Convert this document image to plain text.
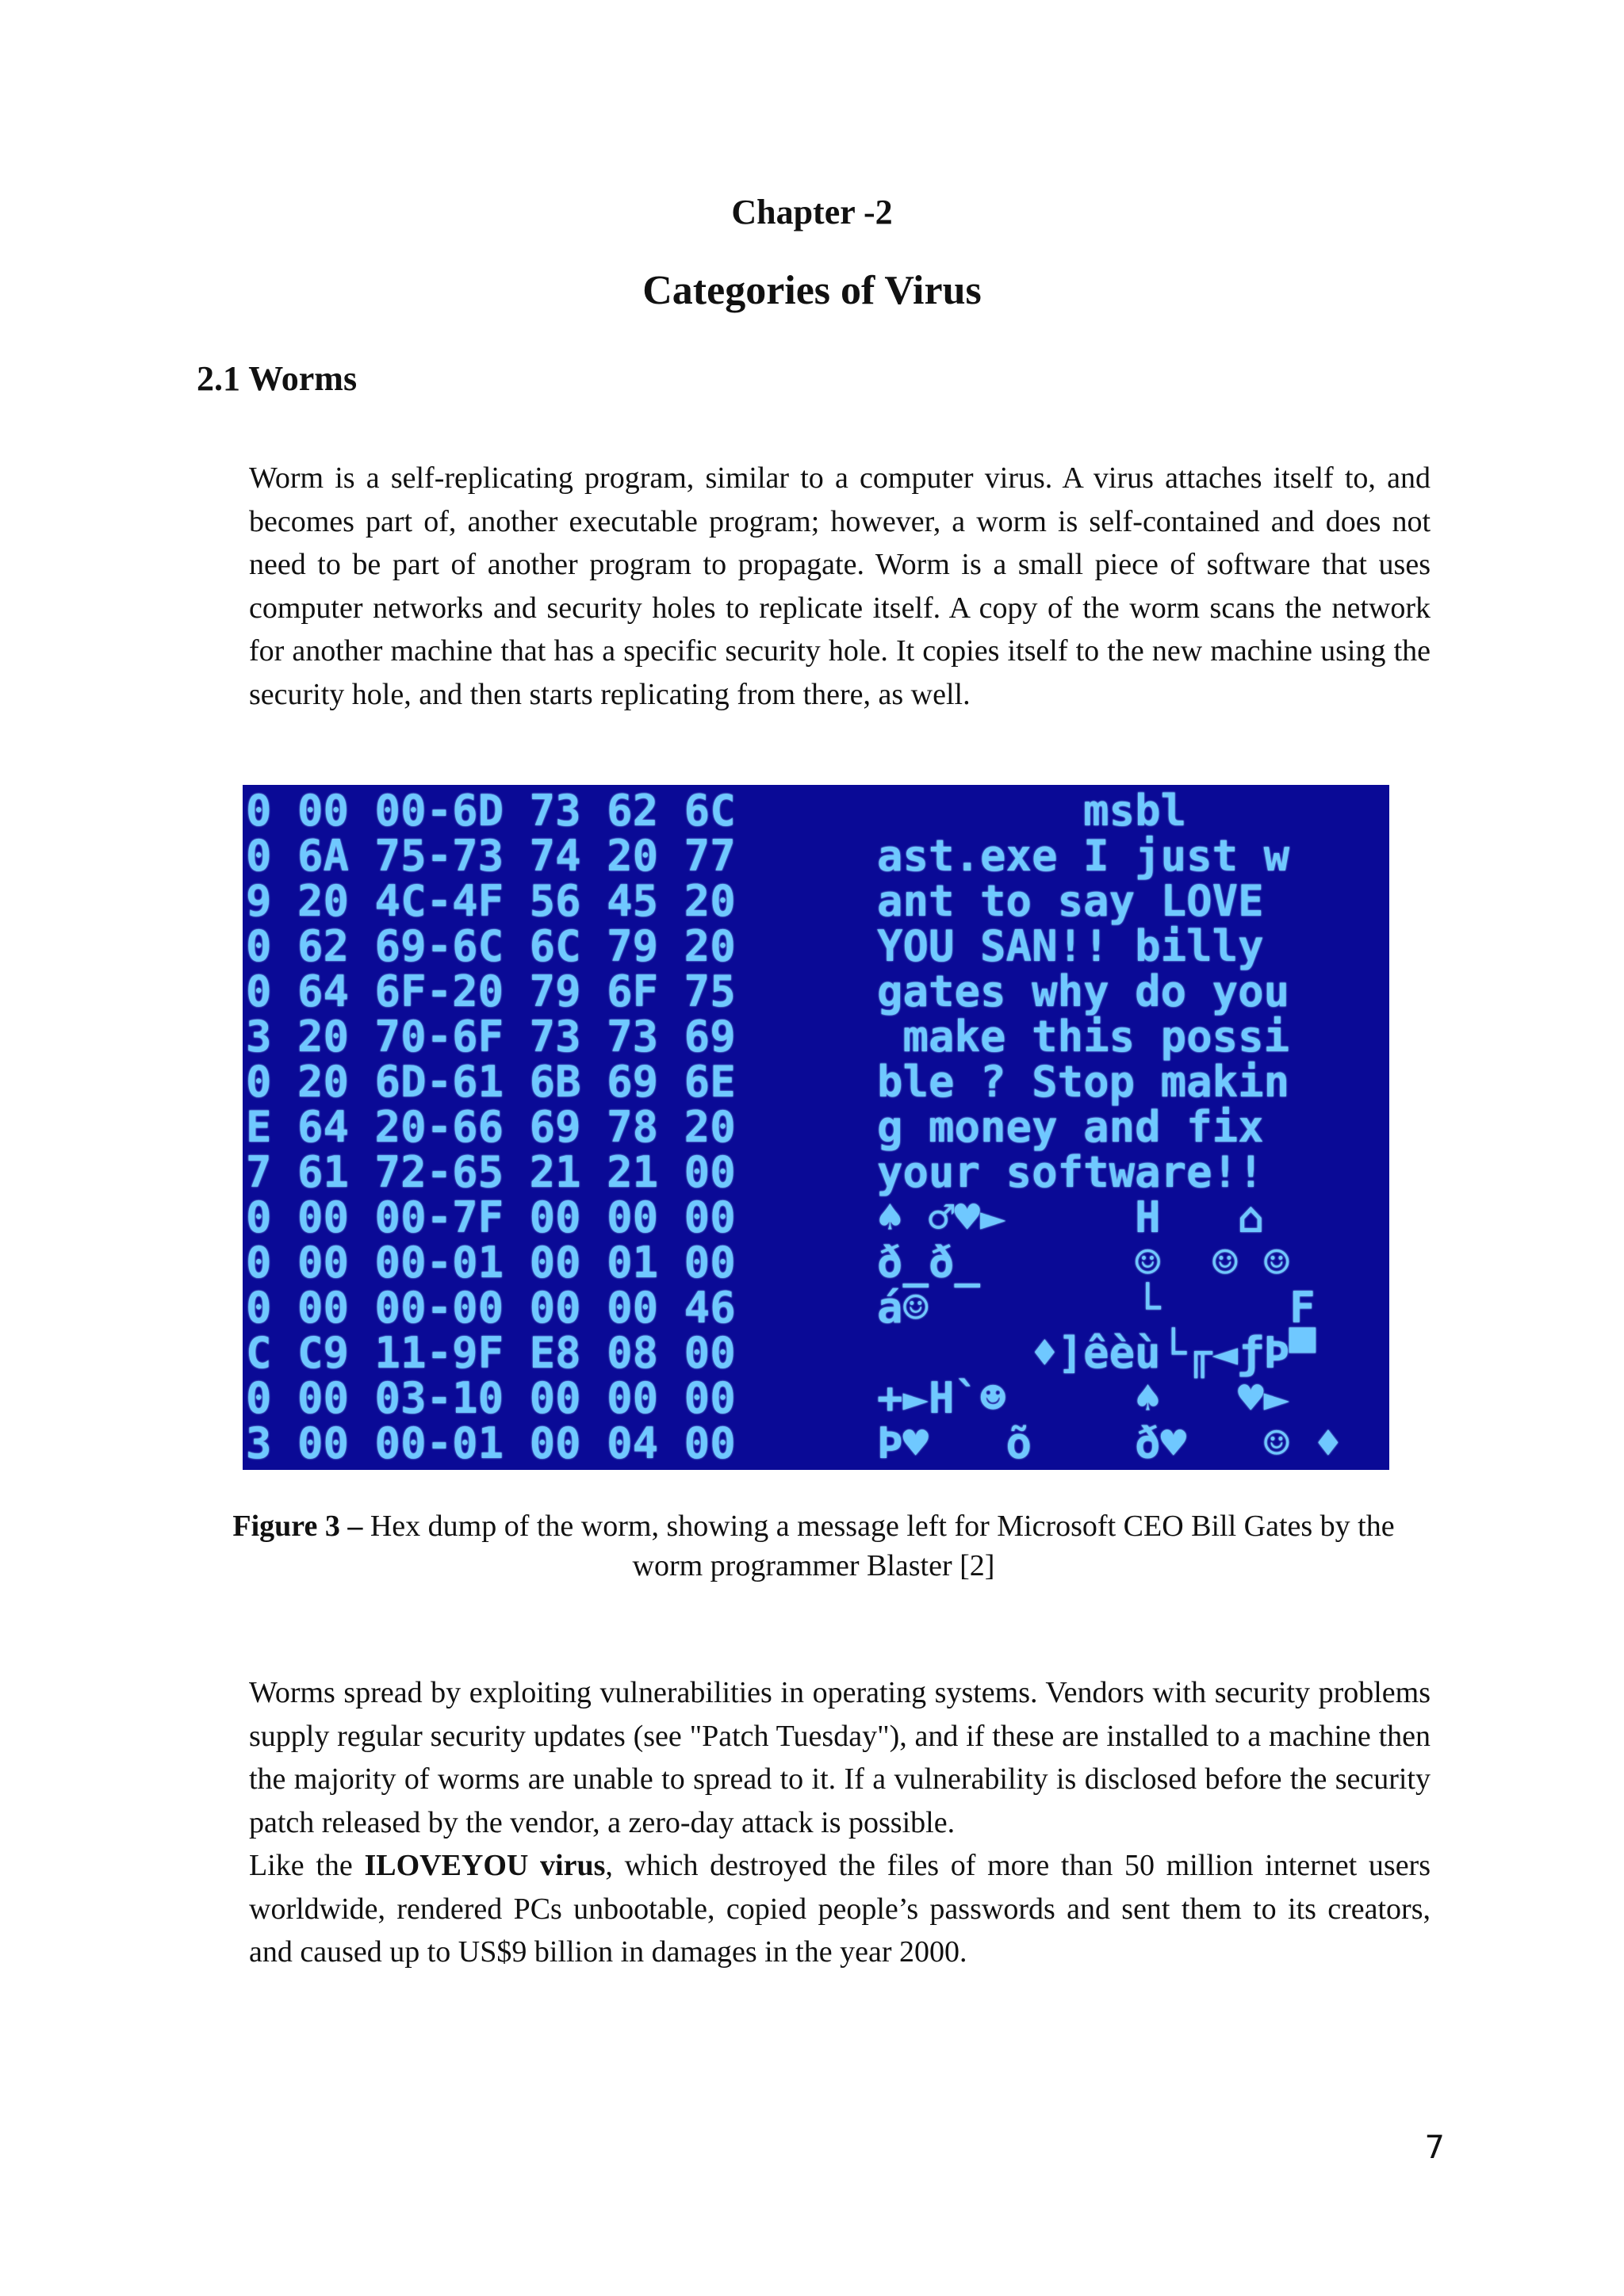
Chapter -2
Categories of Virus
2.1 Worms

Worm is a self-replicating program, similar to a computer virus. A virus attaches itself to, and becomes part of, another executable program; however, a worm is self-contained and does not need to be part of another program to propagate. Worm is a small piece of software that uses computer networks and security holes to replicate itself. A copy of the worm scans the network for another machine that has a specific security hole. It copies itself to the new machine using the security hole, and then starts replicating from there, as well.

0 00 00-6D 73 62 6C	msbl
0 6A 75-73 74 20 77	ast.exe I just w
9 20 4C-4F 56 45 20	ant to say LOVE
0 62 69-6C 6C 79 20	YOU SAN!! billy
0 64 6F-20 79 6F 75	gates why do you
3 20 70-6F 73 73 69	make this possi
0 20 6D-61 6B 69 6E	ble ? Stop makin
E 64 20-66 69 78 20	g money and fix
7 61 72-65 21 21 00	your software!!
0 00 00-7F 00 00 00	♠ ♂♥►     H   ⌂
0 00 00-01 00 01 00	ð_ð_      ☺  ☺ ☺
0 00 00-00 00 00 46	á☺        └     F
C C9 11-9F E8 08 00	♦]êèù└╓◄ƒÞ▀
0 00 03-10 00 00 00	+►H`☻     ♠   ♥►
3 00 00-01 00 04 00	Þ♥   õ    ð♥   ☺ ♦
Figure 3 – Hex dump of the worm, showing a message left for Microsoft CEO Bill Gates by the worm programmer Blaster [2]

Worms spread by exploiting vulnerabilities in operating systems. Vendors with security problems supply regular security updates (see "Patch Tuesday"), and if these are installed to a machine then the majority of worms are unable to spread to it. If a vulnerability is disclosed before the security patch released by the vendor, a zero-day attack is possible.

Like the ILOVEYOU virus, which destroyed the files of more than 50 million internet users worldwide, rendered PCs unbootable, copied people’s passwords and sent them to its creators, and caused up to US$9 billion in damages in the year 2000.

7
